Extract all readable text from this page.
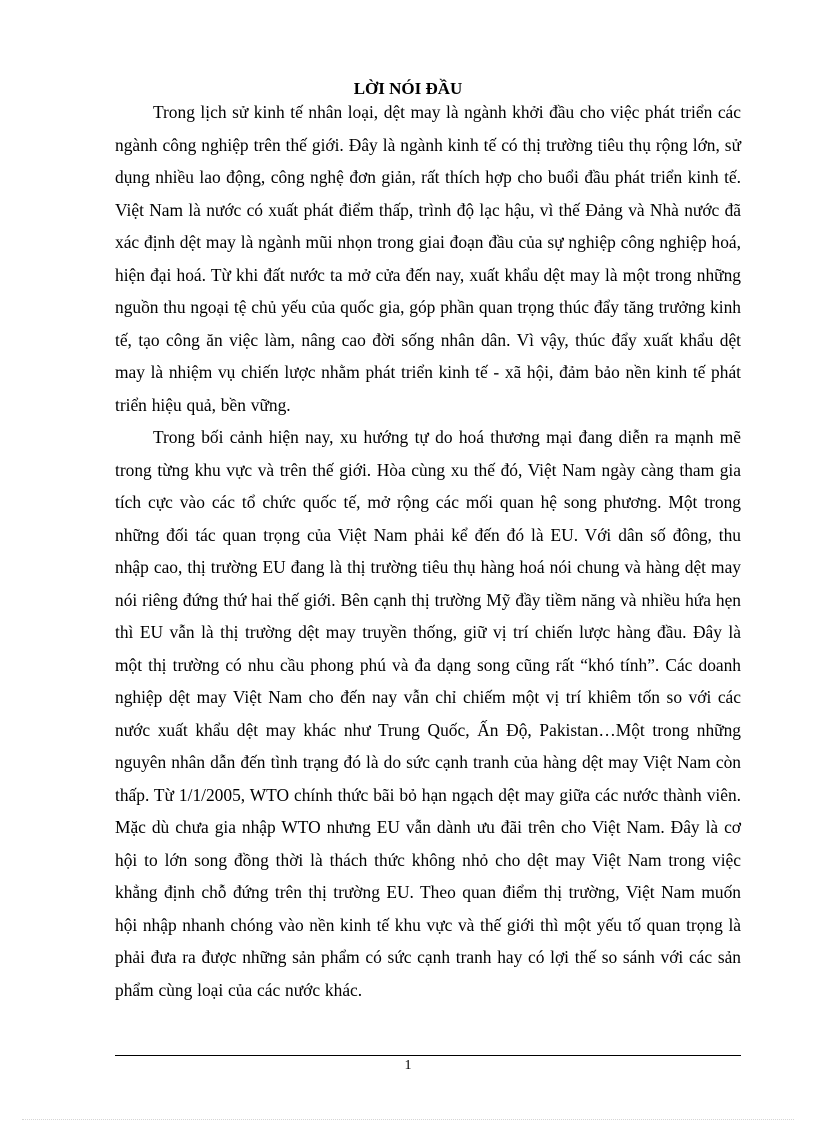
LỜI NÓI ĐẦU

Trong lịch sử kinh tế nhân loại, dệt may là ngành khởi đầu cho việc phát triển các ngành công nghiệp trên thế giới. Đây là ngành kinh tế có thị trường tiêu thụ rộng lớn, sử dụng nhiều lao động, công nghệ đơn giản, rất thích hợp cho buổi đầu phát triển kinh tế. Việt Nam là nước có xuất phát điểm thấp, trình độ lạc hậu, vì thế Đảng và Nhà nước đã xác định dệt may là ngành mũi nhọn trong giai đoạn đầu của sự nghiệp công nghiệp hoá, hiện đại hoá. Từ khi đất nước ta mở cửa đến nay, xuất khẩu dệt may là một trong những nguồn thu ngoại tệ chủ yếu của quốc gia, góp phần quan trọng thúc đẩy tăng trưởng kinh tế, tạo công ăn việc làm, nâng cao đời sống nhân dân. Vì vậy, thúc đẩy xuất khẩu dệt may là nhiệm vụ chiến lược nhằm phát triển kinh tế - xã hội, đảm bảo nền kinh tế phát triển hiệu quả, bền vững.

Trong bối cảnh hiện nay, xu hướng tự do hoá thương mại đang diễn ra mạnh mẽ trong từng khu vực và trên thế giới. Hòa cùng xu thế đó, Việt Nam ngày càng tham gia tích cực vào các tổ chức quốc tế, mở rộng các mối quan hệ song phương. Một trong những đối tác quan trọng của Việt Nam phải kể đến đó là EU. Với dân số đông, thu nhập cao, thị trường EU đang là thị trường tiêu thụ hàng hoá nói chung và hàng dệt may nói riêng đứng thứ hai thế giới. Bên cạnh thị trường Mỹ đầy tiềm năng và nhiều hứa hẹn thì EU vẫn là thị trường dệt may truyền thống, giữ vị trí chiến lược hàng đầu. Đây là một thị trường có nhu cầu phong phú và đa dạng song cũng rất “khó tính”. Các doanh nghiệp dệt may Việt Nam cho đến nay vẫn chỉ chiếm một vị trí khiêm tốn so với các nước xuất khẩu dệt may khác như Trung Quốc, Ấn Độ, Pakistan…Một trong những nguyên nhân dẫn đến tình trạng đó là do sức cạnh tranh của hàng dệt may Việt Nam còn thấp. Từ 1/1/2005, WTO chính thức bãi bỏ hạn ngạch dệt may giữa các nước thành viên. Mặc dù chưa gia nhập WTO nhưng EU vẫn dành ưu đãi trên cho Việt Nam. Đây là cơ hội to lớn song đồng thời là thách thức không nhỏ cho dệt may Việt Nam trong việc khẳng định chỗ đứng trên thị trường EU. Theo quan điểm thị trường, Việt Nam muốn hội nhập nhanh chóng vào nền kinh tế khu vực và thế giới thì một yếu tố quan trọng là phải đưa ra được những sản phẩm có sức cạnh tranh hay có lợi thế so sánh với các sản phẩm cùng loại của các nước khác.

1
